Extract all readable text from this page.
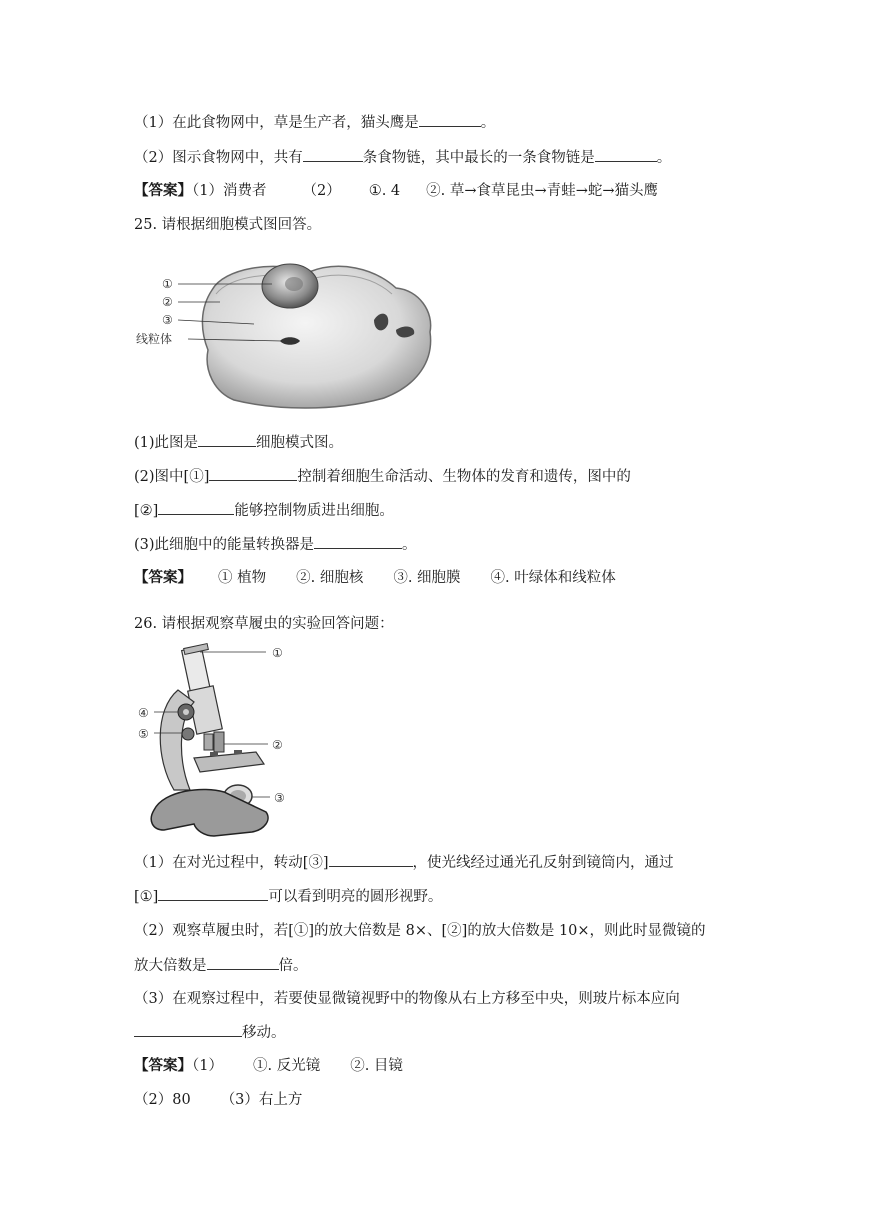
（1）在此食物网中，草是生产者，猫头鹰是	。
（2）图示食物网中，共有	条食物链，其中最长的一条食物链是	。
【答案】（1）消费者 （2） ①. 4 ②. 草→食草昆虫→青蛙→蛇→猫头鹰
25. 请根据细胞模式图回答。
①
②
③
线粒体
(1)此图是	细胞模式图。
(2)图中[①]	控制着细胞生命活动、生物体的发育和遗传，图中的
[②]	能够控制物质进出细胞。
(3)此细胞中的能量转换器是	。
【答案】 ① 植物 ②. 细胞核 ③. 细胞膜 ④. 叶绿体和线粒体
26. 请根据观察草履虫的实验回答问题：
①
④
⑤
②
③
（1）在对光过程中，转动[③]	，使光线经过通光孔反射到镜筒内，通过
[①]	可以看到明亮的圆形视野。
（2）观察草履虫时，若[①]的放大倍数是 8×、[②]的放大倍数是 10×，则此时显微镜的
放大倍数是	倍。
（3）在观察过程中，若要使显微镜视野中的物像从右上方移至中央，则玻片标本应向
移动。
【答案】（1） ①. 反光镜 ②. 目镜
（2）80 （3）右上方
